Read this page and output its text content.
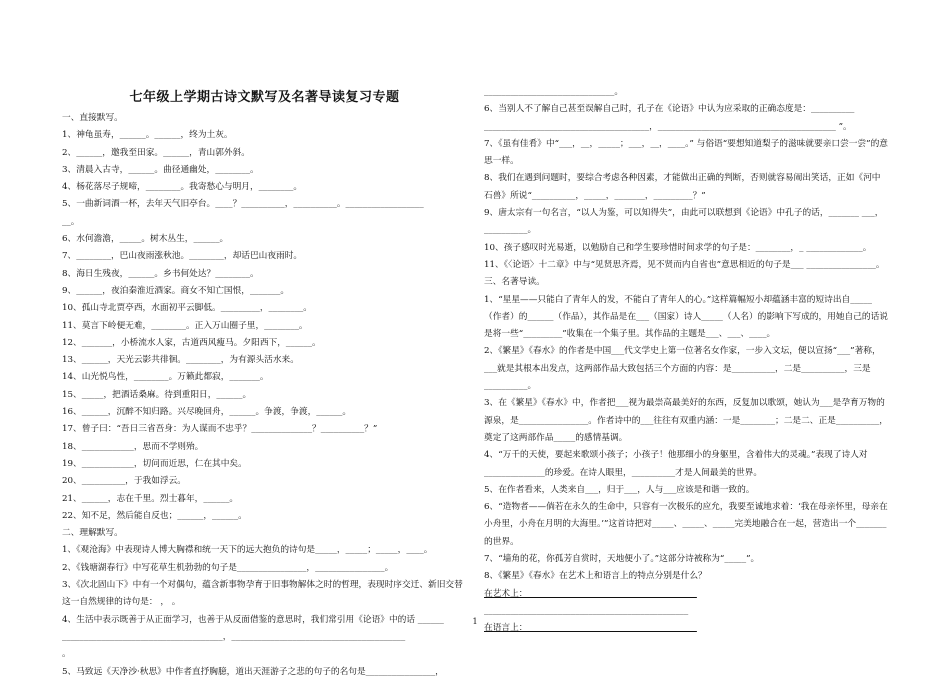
七年级上学期古诗文默写及名著导读复习专题
一、直接默写。
1、神龟虽寿，______。______，终为土灰。
2、______，邀我至田家。______，青山郭外斜。
3、清晨入古寺，______。曲径通幽处，________。
4、杨花落尽子规啼，________。我寄愁心与明月，________。
5、一曲新词酒一杯，去年天气旧亭台。____？__________，__________。__________________
__。
6、水何澹澹，_____。树木丛生，______。
7、________，巴山夜雨涨秋池。________，却话巴山夜雨时。
8、海日生残夜，______。乡书何处达？________。
9、______，夜泊秦淮近酒家。商女不知亡国恨，_______。
10、孤山寺北贾亭西，水面初平云脚低。_________，________。
11、莫言下岭便无难，________。正入万山圈子里，________。
12、_______，小桥流水人家，古道西风瘦马。夕阳西下，______。
13、______，天光云影共徘徊。________，为有源头活水来。
14、山光悦鸟性，________。万籁此都寂，_______。
15、_____，把酒话桑麻。待到重阳日，______。
16、______，沉醉不知归路。兴尽晚回舟，______。争渡，争渡，______。
17、曾子曰：“吾日三省吾身：为人谋而不忠乎？______________？__________？”
18、____________，思而不学则殆。
19、____________，切问而近思，仁在其中矣。
20、__________，于我如浮云。
21、______，志在千里。烈士暮年，______。
22、知不足，然后能自反也；______，______。
二、理解默写。
1、《观沧海》中表现诗人博大胸襟和统一天下的远大抱负的诗句是_____，_____；_____，____。
2、《钱塘湖春行》中写花草生机勃勃的句子是________________，________________。
3、《次北固山下》中有一个对偶句，蕴含新事物孕育于旧事物解体之时的哲理，表现时序交迁、新旧交替这一自然规律的诗句是： ， 。
4、生活中表示既善于从正面学习，也善于从反面借鉴的意思时，我们常引用《论语》中的话 ______ _____________________________________，________________________________________
。
5、马致远《天净沙·秋思》中作者直抒胸臆，道出天涯游子之悲的句子的名句是________________，
______________________________。
6、当别人不了解自己甚至误解自己时，孔子在《论语》中认为应采取的正确态度是：__________ ______________________________________，_________________________________________ ”。
7、《虽有佳肴》中“___，__，_____；___，__，____。” 与俗语“要想知道梨子的滋味就要亲口尝一尝”的意思一样。
8、我们在遇到问题时，要综合考虑各种因素，才能做出正确的判断，否则就容易闹出笑话，正如《河中石兽》所说“__________，_____，_______，_________？”
9、唐太宗有一句名言，“以人为鉴，可以知得失”，由此可以联想到《论语》中孔子的话，_______ ___，__________。
10、孩子感叹时光易逝，以勉励自己和学生要珍惜时间求学的句子是：________，_ _____________。
11、《〈论语〉十二章》中与“见贤思齐焉，见不贤而内自省也”意思相近的句子是___ ________________。
三、名著导读。
1、“星星——只能白了青年人的发，不能白了青年人的心。”这样篇幅短小却蕴涵丰富的短诗出自_____（作者）的______（作品），其作品是在___（国家）诗人_____（人名）的影响下写成的，用她自己的话说是将一些“_________”收集在一个集子里。其作品的主题是___、___、____。
2、《繁星》《春水》的作者是中国___代文学史上第一位著名女作家，一步入文坛，便以宣扬“___”著称，___就是其根本出发点，这两部作品大致包括三个方面的内容：是__________，二是__________，三是__________。
3、在《繁星》《春水》中，作者把___视为最崇高最美好的东西，反复加以歌颂，她认为___是孕育万物的源泉，是________________。作者诗中的___往往有双重内涵：一是________；二是二、正是__________，奠定了这两部作品_____的感情基调。
4、“万千的天使，要起来歌颂小孩子；小孩子！他那细小的身躯里，含着伟大的灵魂。”表现了诗人对______________的珍爱。在诗人眼里，__________才是人间最美的世界。
5、在作者看来，人类来自___，归于___，人与___应该是和谐一致的。
6、“造物者——倘若在永久的生命中，只容有一次极乐的应允，我要至诚地求着：‘我在母亲怀里，母亲在小舟里，小舟在月明的大海里。’”这首诗把对_____、_____、_____完美地融合在一起，营造出一个_______的世界。
7、“墙角的花，你孤芳自赏时，天地便小了。”这部分诗被称为“_____”。
8、《繁星》《春水》在艺术上和语言上的特点分别是什么？
在艺术上：_______________________________________
_______________________________________________
在语言上：_______________________________________
1
